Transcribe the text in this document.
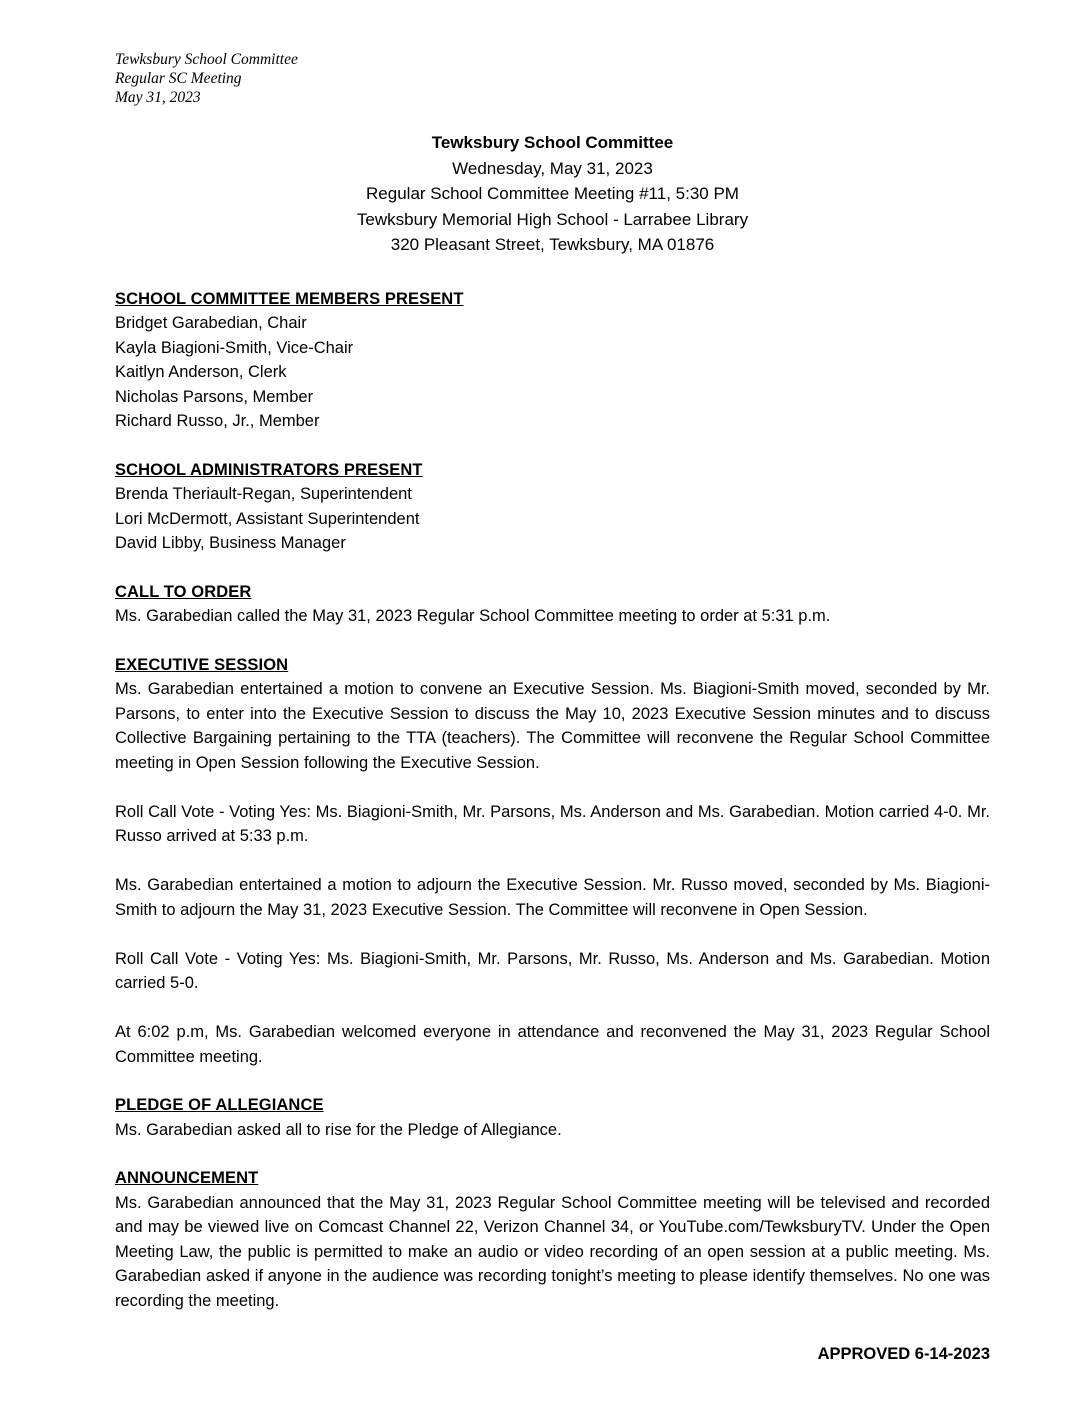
Tewksbury School Committee
Regular SC Meeting
May 31, 2023
Tewksbury School Committee
Wednesday, May 31, 2023
Regular School Committee Meeting #11, 5:30 PM
Tewksbury Memorial High School - Larrabee Library
320 Pleasant Street, Tewksbury, MA 01876
SCHOOL COMMITTEE MEMBERS PRESENT
Bridget Garabedian, Chair
Kayla Biagioni-Smith, Vice-Chair
Kaitlyn Anderson, Clerk
Nicholas Parsons, Member
Richard Russo, Jr., Member
SCHOOL ADMINISTRATORS PRESENT
Brenda Theriault-Regan, Superintendent
Lori McDermott, Assistant Superintendent
David Libby, Business Manager
CALL TO ORDER
Ms. Garabedian called the May 31, 2023 Regular School Committee meeting to order at 5:31 p.m.
EXECUTIVE SESSION
Ms. Garabedian entertained a motion to convene an Executive Session. Ms. Biagioni-Smith moved, seconded by Mr. Parsons, to enter into the Executive Session to discuss the May 10, 2023 Executive Session minutes and to discuss Collective Bargaining pertaining to the TTA (teachers). The Committee will reconvene the Regular School Committee meeting in Open Session following the Executive Session.
Roll Call Vote - Voting Yes: Ms. Biagioni-Smith, Mr. Parsons, Ms. Anderson and Ms. Garabedian. Motion carried 4-0. Mr. Russo arrived at 5:33 p.m.
Ms. Garabedian entertained a motion to adjourn the Executive Session. Mr. Russo moved, seconded by Ms. Biagioni-Smith to adjourn the May 31, 2023 Executive Session. The Committee will reconvene in Open Session.
Roll Call Vote - Voting Yes: Ms. Biagioni-Smith, Mr. Parsons, Mr. Russo, Ms. Anderson and Ms. Garabedian. Motion carried 5-0.
At 6:02 p.m, Ms. Garabedian welcomed everyone in attendance and reconvened the May 31, 2023 Regular School Committee meeting.
PLEDGE OF ALLEGIANCE
Ms. Garabedian asked all to rise for the Pledge of Allegiance.
ANNOUNCEMENT
Ms. Garabedian announced that the May 31, 2023 Regular School Committee meeting will be televised and recorded and may be viewed live on Comcast Channel 22, Verizon Channel 34, or YouTube.com/TewksburyTV. Under the Open Meeting Law, the public is permitted to make an audio or video recording of an open session at a public meeting. Ms. Garabedian asked if anyone in the audience was recording tonight’s meeting to please identify themselves. No one was recording the meeting.
APPROVED 6-14-2023
